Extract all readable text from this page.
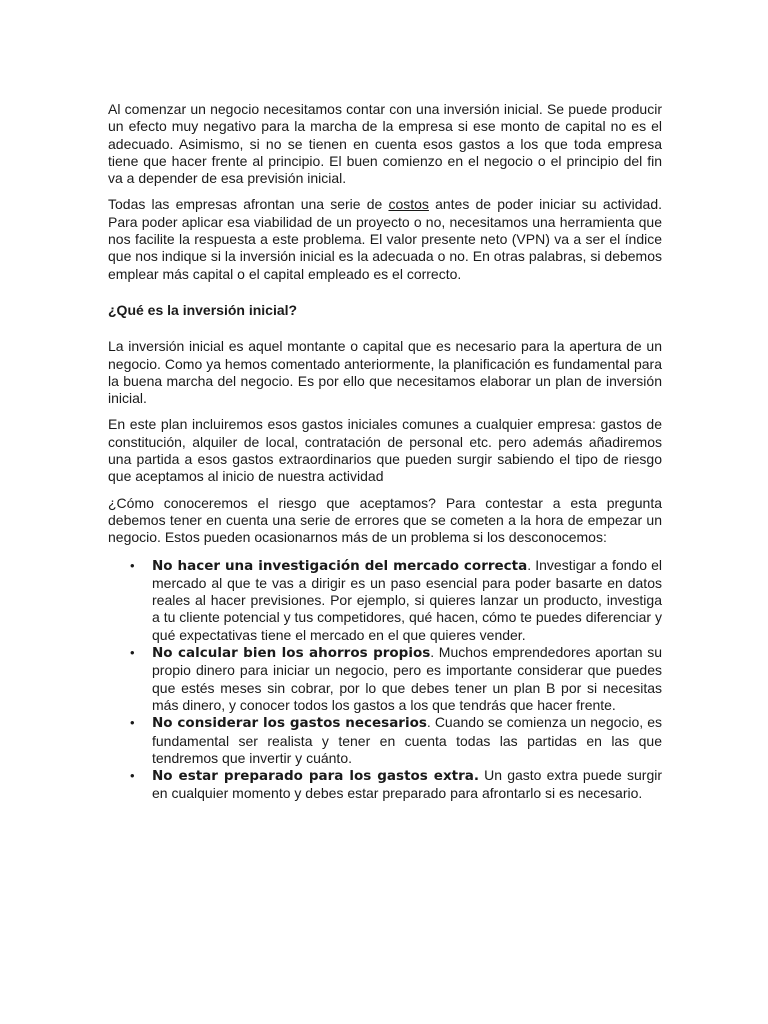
Al comenzar un negocio necesitamos contar con una inversión inicial. Se puede producir un efecto muy negativo para la marcha de la empresa si ese monto de capital no es el adecuado. Asimismo, si no se tienen en cuenta esos gastos a los que toda empresa tiene que hacer frente al principio. El buen comienzo en el negocio o el principio del fin va a depender de esa previsión inicial.

Todas las empresas afrontan una serie de costos antes de poder iniciar su actividad. Para poder aplicar esa viabilidad de un proyecto o no, necesitamos una herramienta que nos facilite la respuesta a este problema. El valor presente neto (VPN) va a ser el índice que nos indique si la inversión inicial es la adecuada o no. En otras palabras, si debemos emplear más capital o el capital empleado es el correcto.

¿Qué es la inversión inicial?

La inversión inicial es aquel montante o capital que es necesario para la apertura de un negocio. Como ya hemos comentado anteriormente, la planificación es fundamental para la buena marcha del negocio. Es por ello que necesitamos elaborar un plan de inversión inicial.

En este plan incluiremos esos gastos iniciales comunes a cualquier empresa: gastos de constitución, alquiler de local, contratación de personal etc. pero además añadiremos una partida a esos gastos extraordinarios que pueden surgir sabiendo el tipo de riesgo que aceptamos al inicio de nuestra actividad

¿Cómo conoceremos el riesgo que aceptamos? Para contestar a esta pregunta debemos tener en cuenta una serie de errores que se cometen a la hora de empezar un negocio. Estos pueden ocasionarnos más de un problema si los desconocemos:

• No hacer una investigación del mercado correcta. Investigar a fondo el mercado al que te vas a dirigir es un paso esencial para poder basarte en datos reales al hacer previsiones. Por ejemplo, si quieres lanzar un producto, investiga a tu cliente potencial y tus competidores, qué hacen, cómo te puedes diferenciar y qué expectativas tiene el mercado en el que quieres vender.
• No calcular bien los ahorros propios. Muchos emprendedores aportan su propio dinero para iniciar un negocio, pero es importante considerar que puedes que estés meses sin cobrar, por lo que debes tener un plan B por si necesitas más dinero, y conocer todos los gastos a los que tendrás que hacer frente.
• No considerar los gastos necesarios. Cuando se comienza un negocio, es fundamental ser realista y tener en cuenta todas las partidas en las que tendremos que invertir y cuánto.
• No estar preparado para los gastos extra. Un gasto extra puede surgir en cualquier momento y debes estar preparado para afrontarlo si es necesario.
